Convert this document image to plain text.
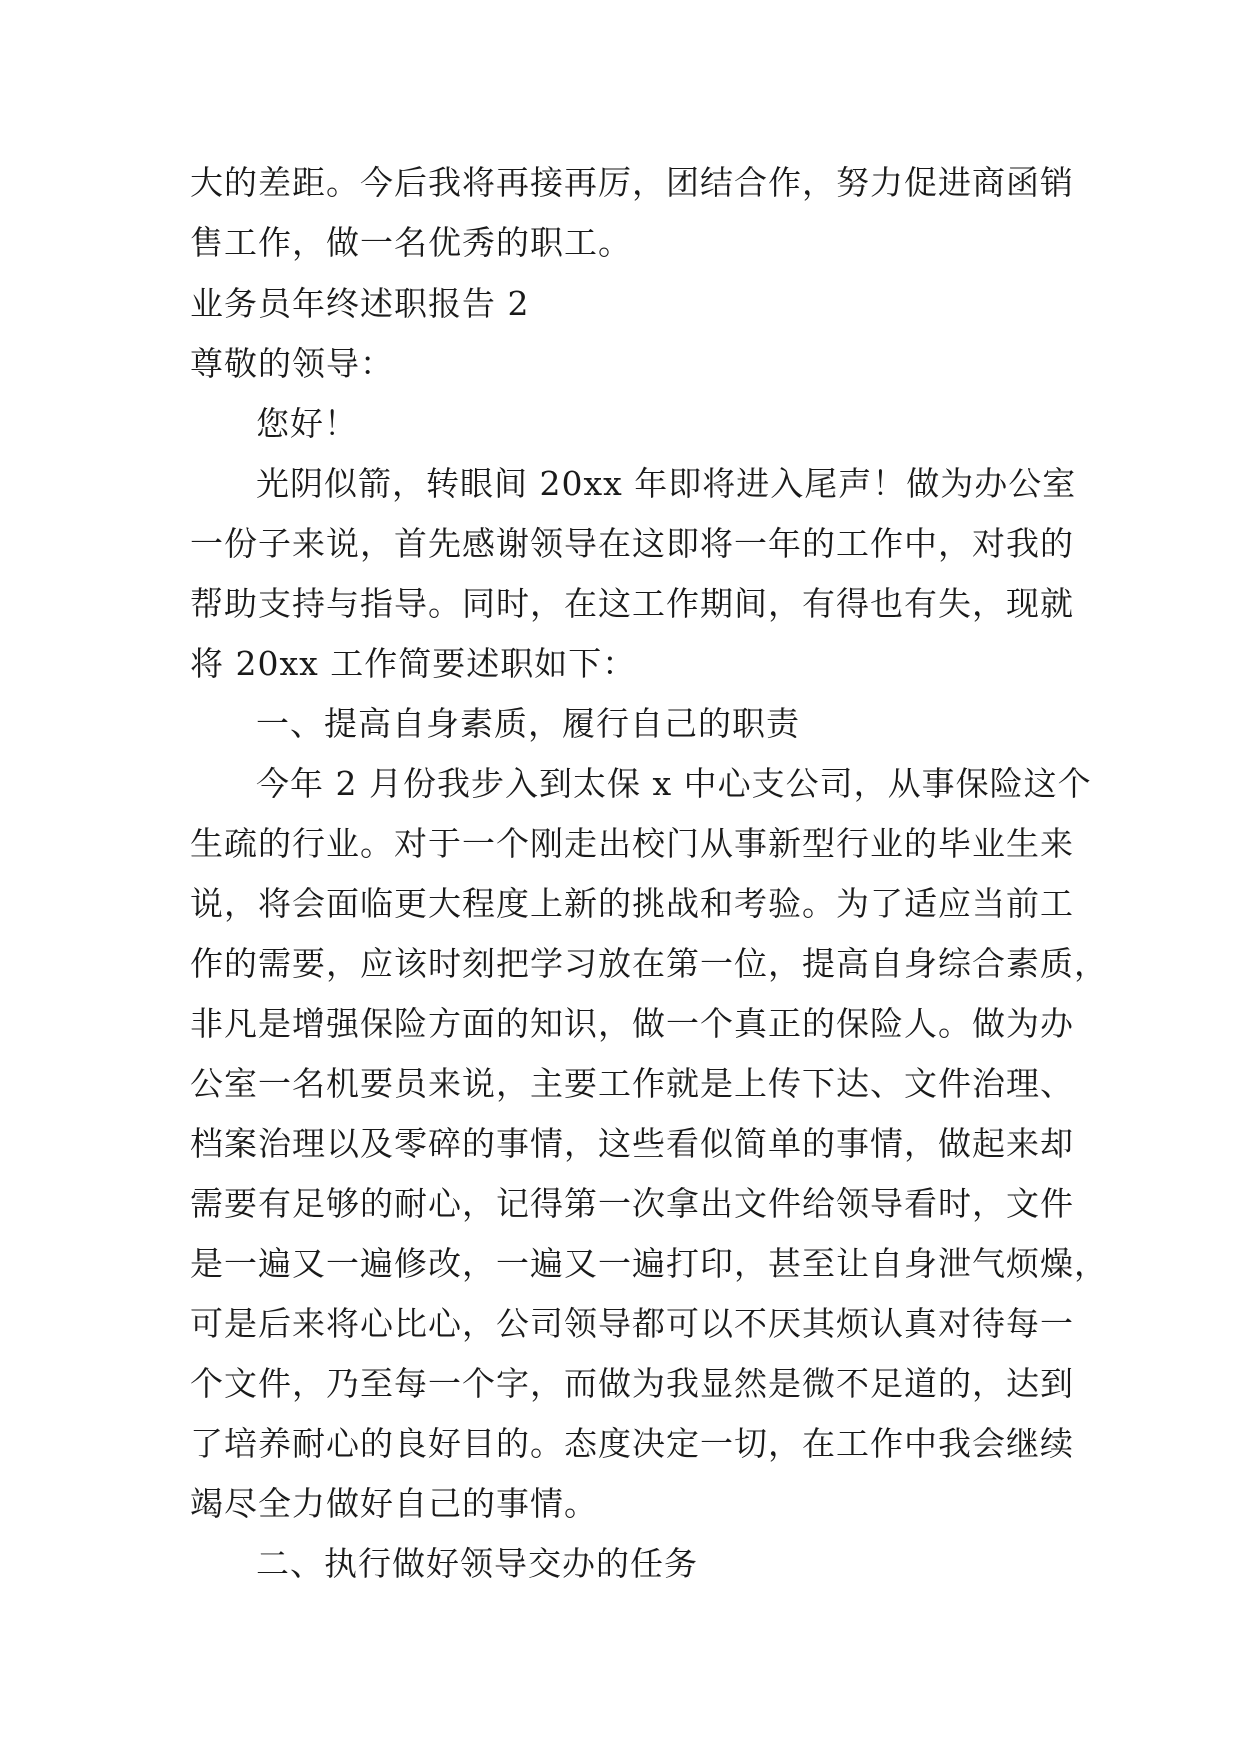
大的差距。今后我将再接再厉，团结合作，努力促进商函销

售工作，做一名优秀的职工。

业务员年终述职报告 2

尊敬的领导：

您好！

光阴似箭，转眼间 20xx 年即将进入尾声！做为办公室

一份子来说，首先感谢领导在这即将一年的工作中，对我的

帮助支持与指导。同时，在这工作期间，有得也有失，现就

将 20xx 工作简要述职如下：

一、提高自身素质，履行自己的职责

今年 2 月份我步入到太保 x 中心支公司，从事保险这个

生疏的行业。对于一个刚走出校门从事新型行业的毕业生来

说，将会面临更大程度上新的挑战和考验。为了适应当前工

作的需要，应该时刻把学习放在第一位，提高自身综合素质，

非凡是增强保险方面的知识，做一个真正的保险人。做为办

公室一名机要员来说，主要工作就是上传下达、文件治理、

档案治理以及零碎的事情，这些看似简单的事情，做起来却

需要有足够的耐心，记得第一次拿出文件给领导看时，文件

是一遍又一遍修改，一遍又一遍打印，甚至让自身泄气烦燥，

可是后来将心比心，公司领导都可以不厌其烦认真对待每一

个文件，乃至每一个字，而做为我显然是微不足道的，达到

了培养耐心的良好目的。态度决定一切，在工作中我会继续

竭尽全力做好自己的事情。

二、执行做好领导交办的任务
